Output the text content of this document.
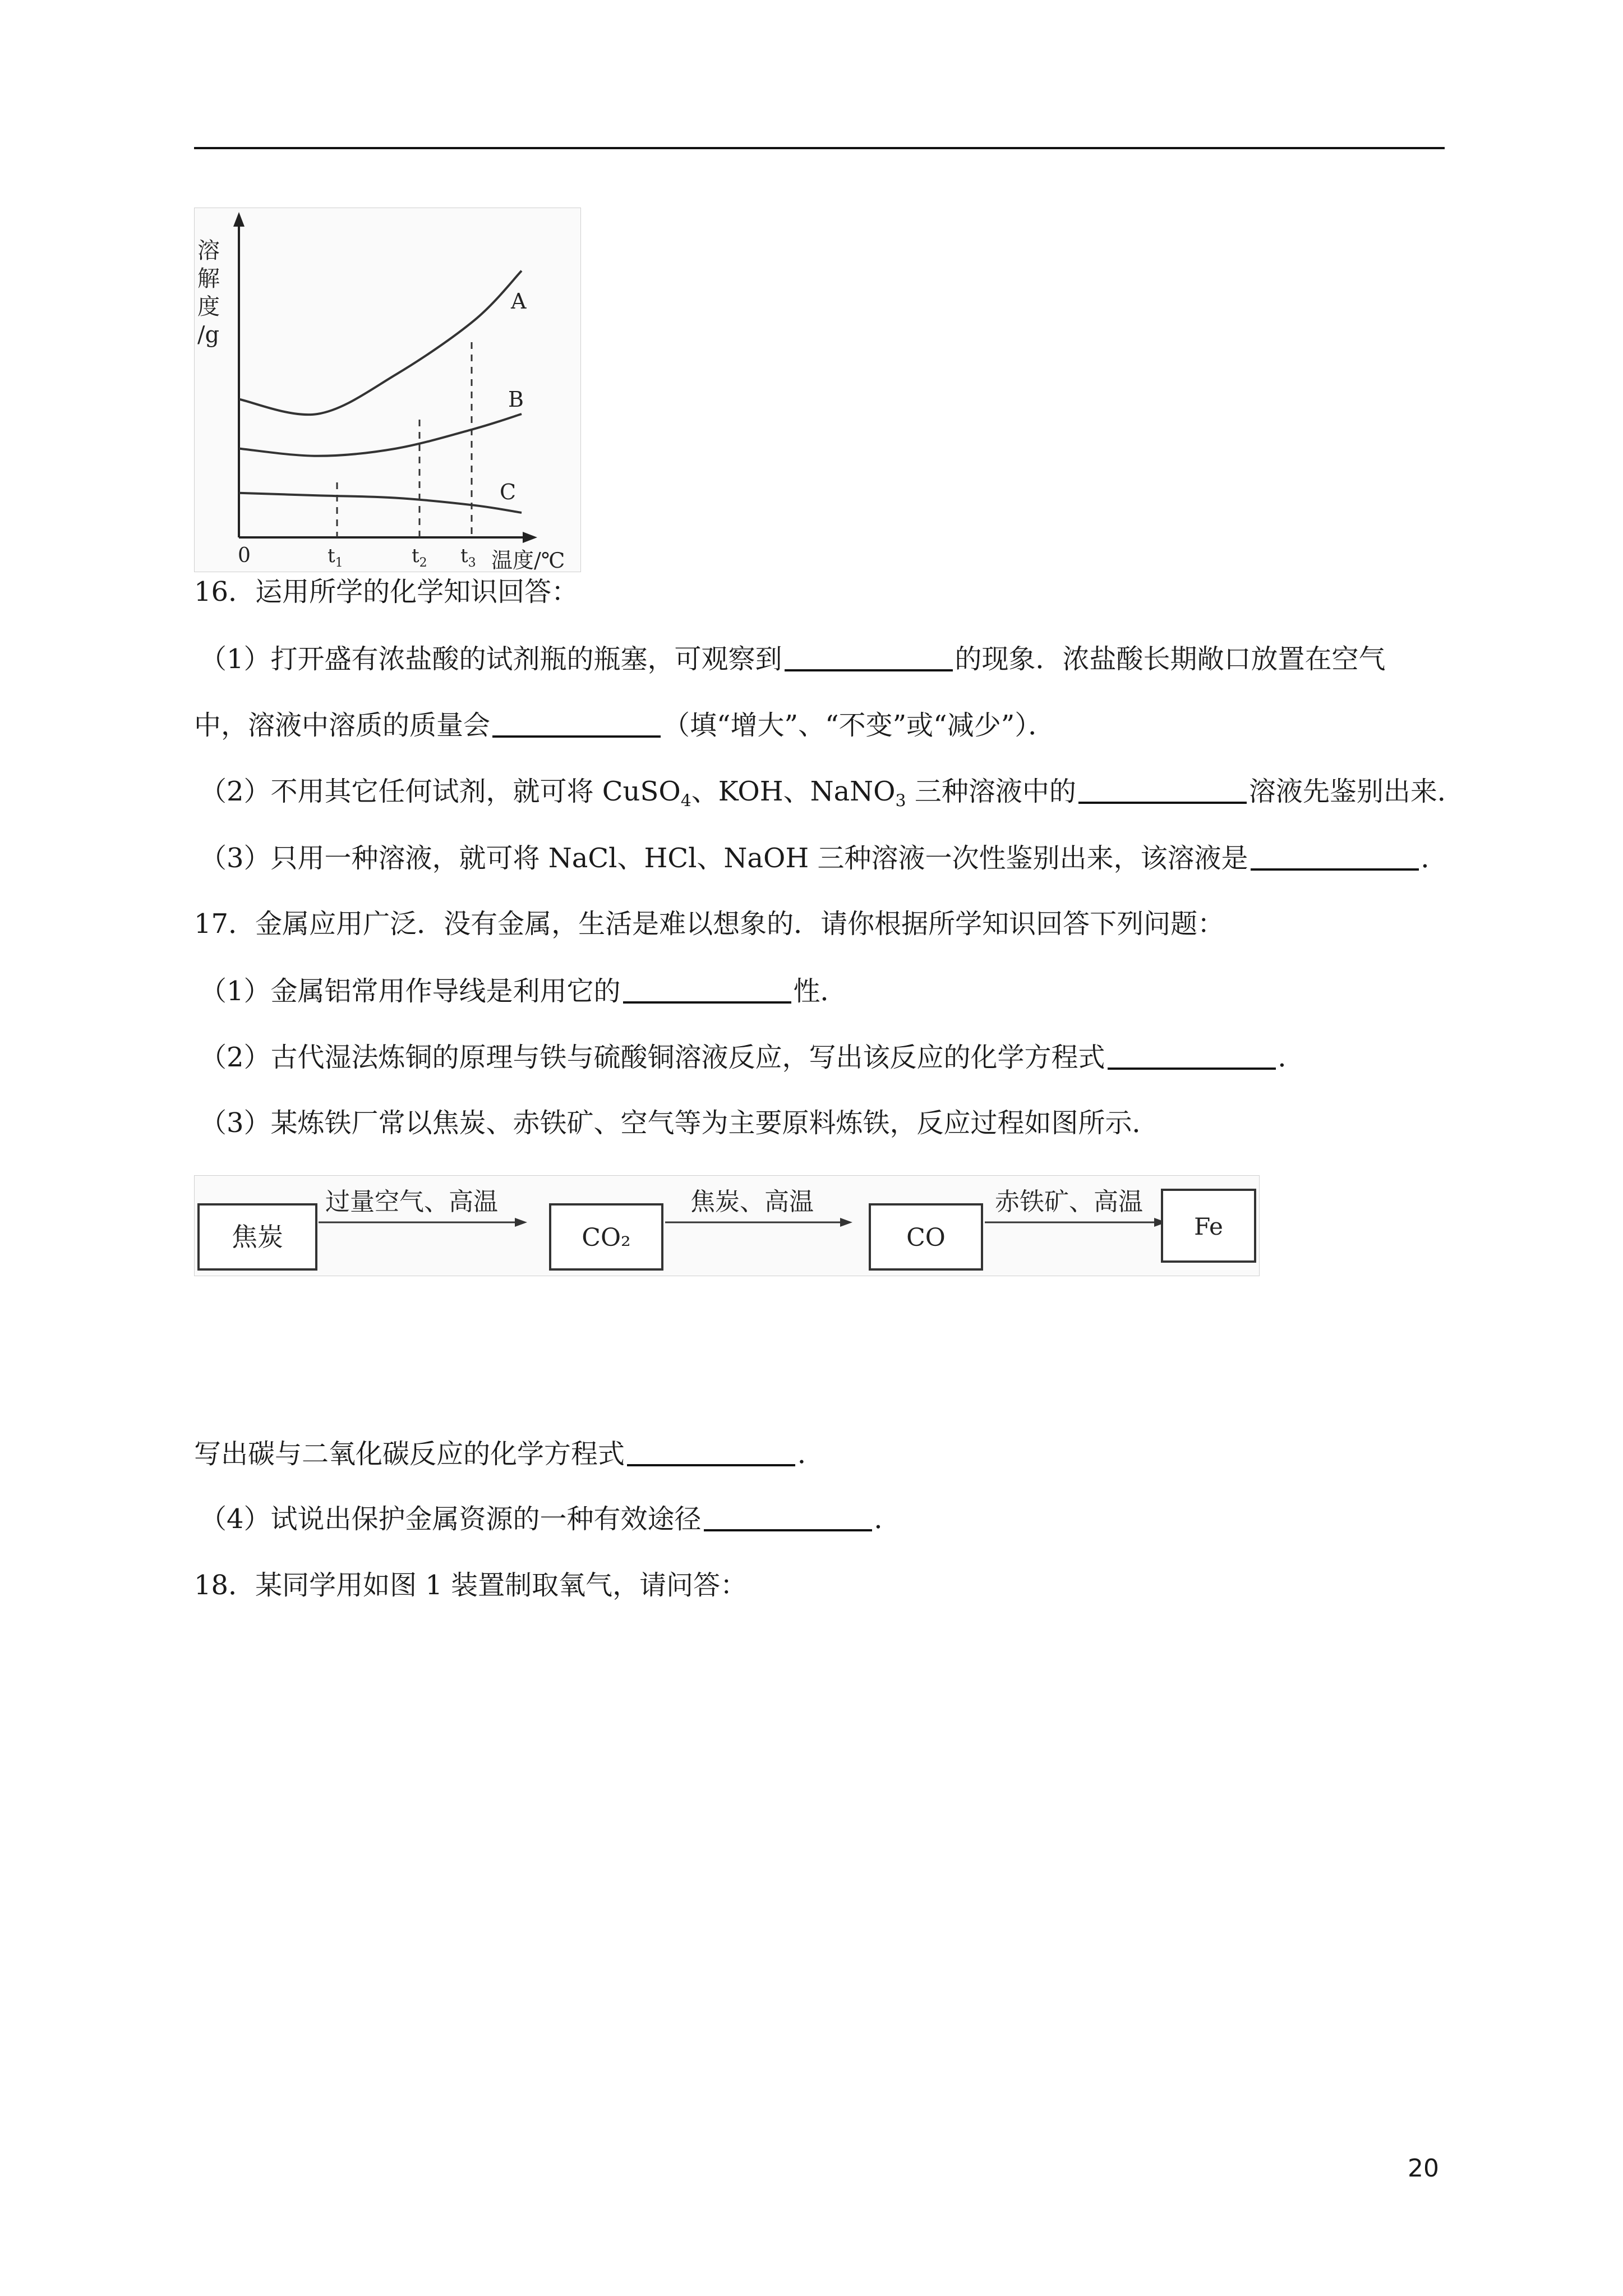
溶
解
度
/g
A
B
C
0	$t_1$	$t_2$ $t_3$ 温度/℃
16．运用所学的化学知识回答：
（1）打开盛有浓盐酸的试剂瓶的瓶塞，可观察到	的现象．浓盐酸长期敞口放置在空气
中，溶液中溶质的质量会	（填“增大”、“不变”或“减少”）．
（2）不用其它任何试剂，就可将 CuSO$_4$、KOH、NaNO$_3$ 三种溶液中的	溶液先鉴别出来．
（3）只用一种溶液，就可将 NaCl、HCl、NaOH 三种溶液一次性鉴别出来，该溶液是	．
17．金属应用广泛．没有金属，生活是难以想象的．请你根据所学知识回答下列问题：
（1）金属铝常用作导线是利用它的	性．
（2）古代湿法炼铜的原理与铁与硫酸铜溶液反应，写出该反应的化学方程式	．
（3）某炼铁厂常以焦炭、赤铁矿、空气等为主要原料炼铁，反应过程如图所示．
焦炭
过量空气、高温
CO₂
焦炭、高温
CO
赤铁矿、高温
Fe
写出碳与二氧化碳反应的化学方程式	．
（4）试说出保护金属资源的一种有效途径	．
18．某同学用如图 1 装置制取氧气，请问答：
20
